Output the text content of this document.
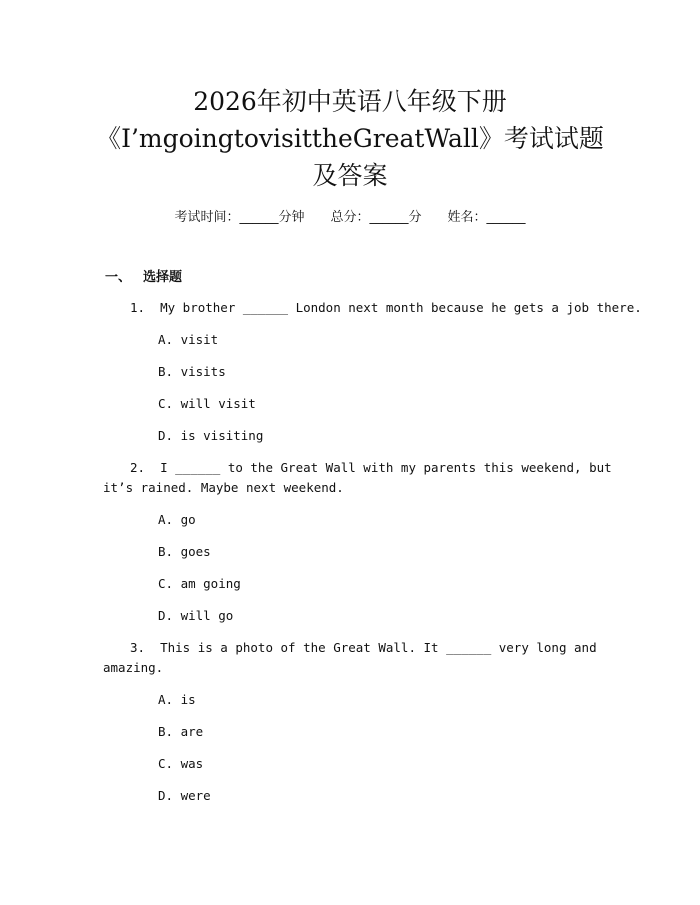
2026年初中英语八年级下册
《I’mgoingtovisittheGreatWall》考试试题
及答案
考试时间：______分钟 总分：______分 姓名：______
一、 选择题
1.  My brother ______ London next month because he gets a job there.
A. visit
B. visits
C. will visit
D. is visiting
2.  I ______ to the Great Wall with my parents this weekend, but
it’s rained. Maybe next weekend.
A. go
B. goes
C. am going
D. will go
3.  This is a photo of the Great Wall. It ______ very long and
amazing.
A. is
B. are
C. was
D. were
